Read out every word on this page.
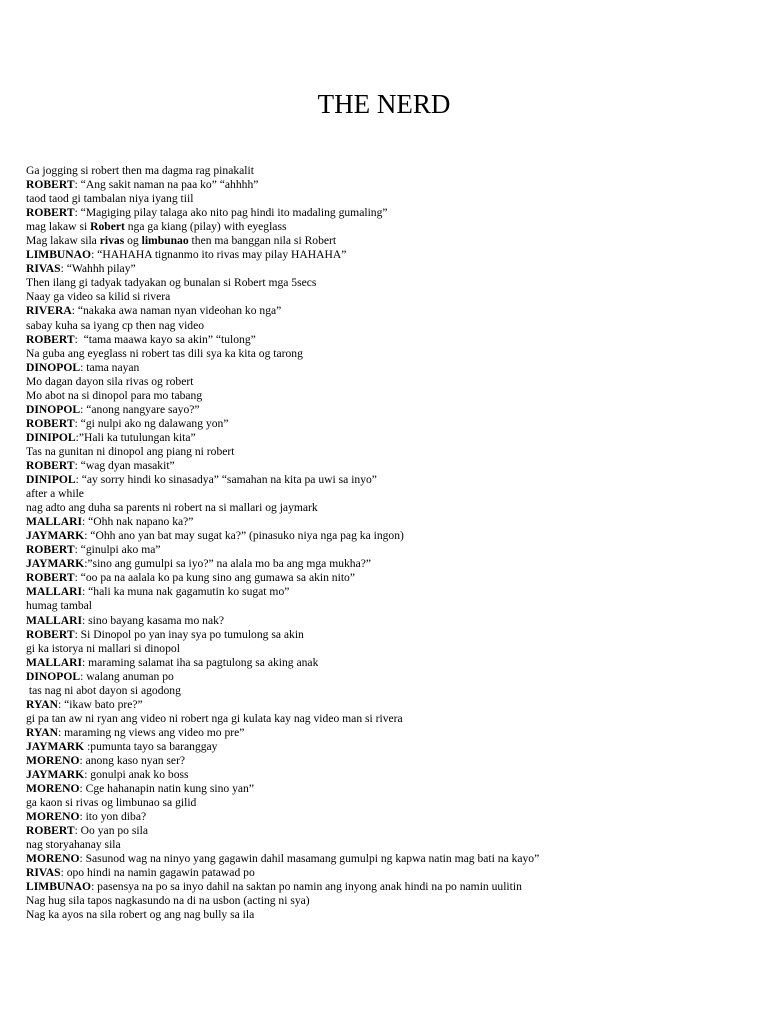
THE NERD
Ga jogging si robert then ma dagma rag pinakalit
ROBERT: “Ang sakit naman na paa ko” “ahhhh”
taod taod gi tambalan niya iyang tiil
ROBERT: “Magiging pilay talaga ako nito pag hindi ito madaling gumaling”
mag lakaw si Robert nga ga kiang (pilay) with eyeglass
Mag lakaw sila rivas og limbunao then ma banggan nila si Robert
LIMBUNAO: “HAHAHA tignanmo ito rivas may pilay HAHAHA”
RIVAS: “Wahhh pilay”
Then ilang gi tadyak tadyakan og bunalan si Robert mga 5secs
Naay ga video sa kilid si rivera
RIVERA: “nakaka awa naman nyan videohan ko nga”
sabay kuha sa iyang cp then nag video
ROBERT:  “tama maawa kayo sa akin” “tulong”
Na guba ang eyeglass ni robert tas dili sya ka kita og tarong
DINOPOL: tama nayan
Mo dagan dayon sila rivas og robert
Mo abot na si dinopol para mo tabang
DINOPOL: “anong nangyare sayo?”
ROBERT: “gi nulpi ako ng dalawang yon”
DINIPOL:”Hali ka tutulungan kita”
Tas na gunitan ni dinopol ang piang ni robert
ROBERT: “wag dyan masakit”
DINIPOL: “ay sorry hindi ko sinasadya” “samahan na kita pa uwi sa inyo”
after a while
nag adto ang duha sa parents ni robert na si mallari og jaymark
MALLARI: “Ohh nak napano ka?”
JAYMARK: “Ohh ano yan bat may sugat ka?” (pinasuko niya nga pag ka ingon)
ROBERT: “ginulpi ako ma”
JAYMARK:”sino ang gumulpi sa iyo?” na alala mo ba ang mga mukha?”
ROBERT: “oo pa na aalala ko pa kung sino ang gumawa sa akin nito”
MALLARI: “hali ka muna nak gagamutin ko sugat mo”
humag tambal
MALLARI: sino bayang kasama mo nak?
ROBERT: Si Dinopol po yan inay sya po tumulong sa akin
gi ka istorya ni mallari si dinopol
MALLARI: maraming salamat iha sa pagtulong sa aking anak
DINOPOL: walang anuman po
tas nag ni abot dayon si agodong
RYAN: “ikaw bato pre?”
gi pa tan aw ni ryan ang video ni robert nga gi kulata kay nag video man si rivera
RYAN: maraming ng views ang video mo pre”
JAYMARK :pumunta tayo sa baranggay
MORENO: anong kaso nyan ser?
JAYMARK: gonulpi anak ko boss
MORENO: Cge hahanapin natin kung sino yan”
ga kaon si rivas og limbunao sa gilid
MORENO: ito yon diba?
ROBERT: Oo yan po sila
nag storyahanay sila
MORENO: Sasunod wag na ninyo yang gagawin dahil masamang gumulpi ng kapwa natin mag bati na kayo”
RIVAS: opo hindi na namin gagawin patawad po
LIMBUNAO: pasensya na po sa inyo dahil na saktan po namin ang inyong anak hindi na po namin uulitin
Nag hug sila tapos nagkasundo na di na usbon (acting ni sya)
Nag ka ayos na sila robert og ang nag bully sa ila
